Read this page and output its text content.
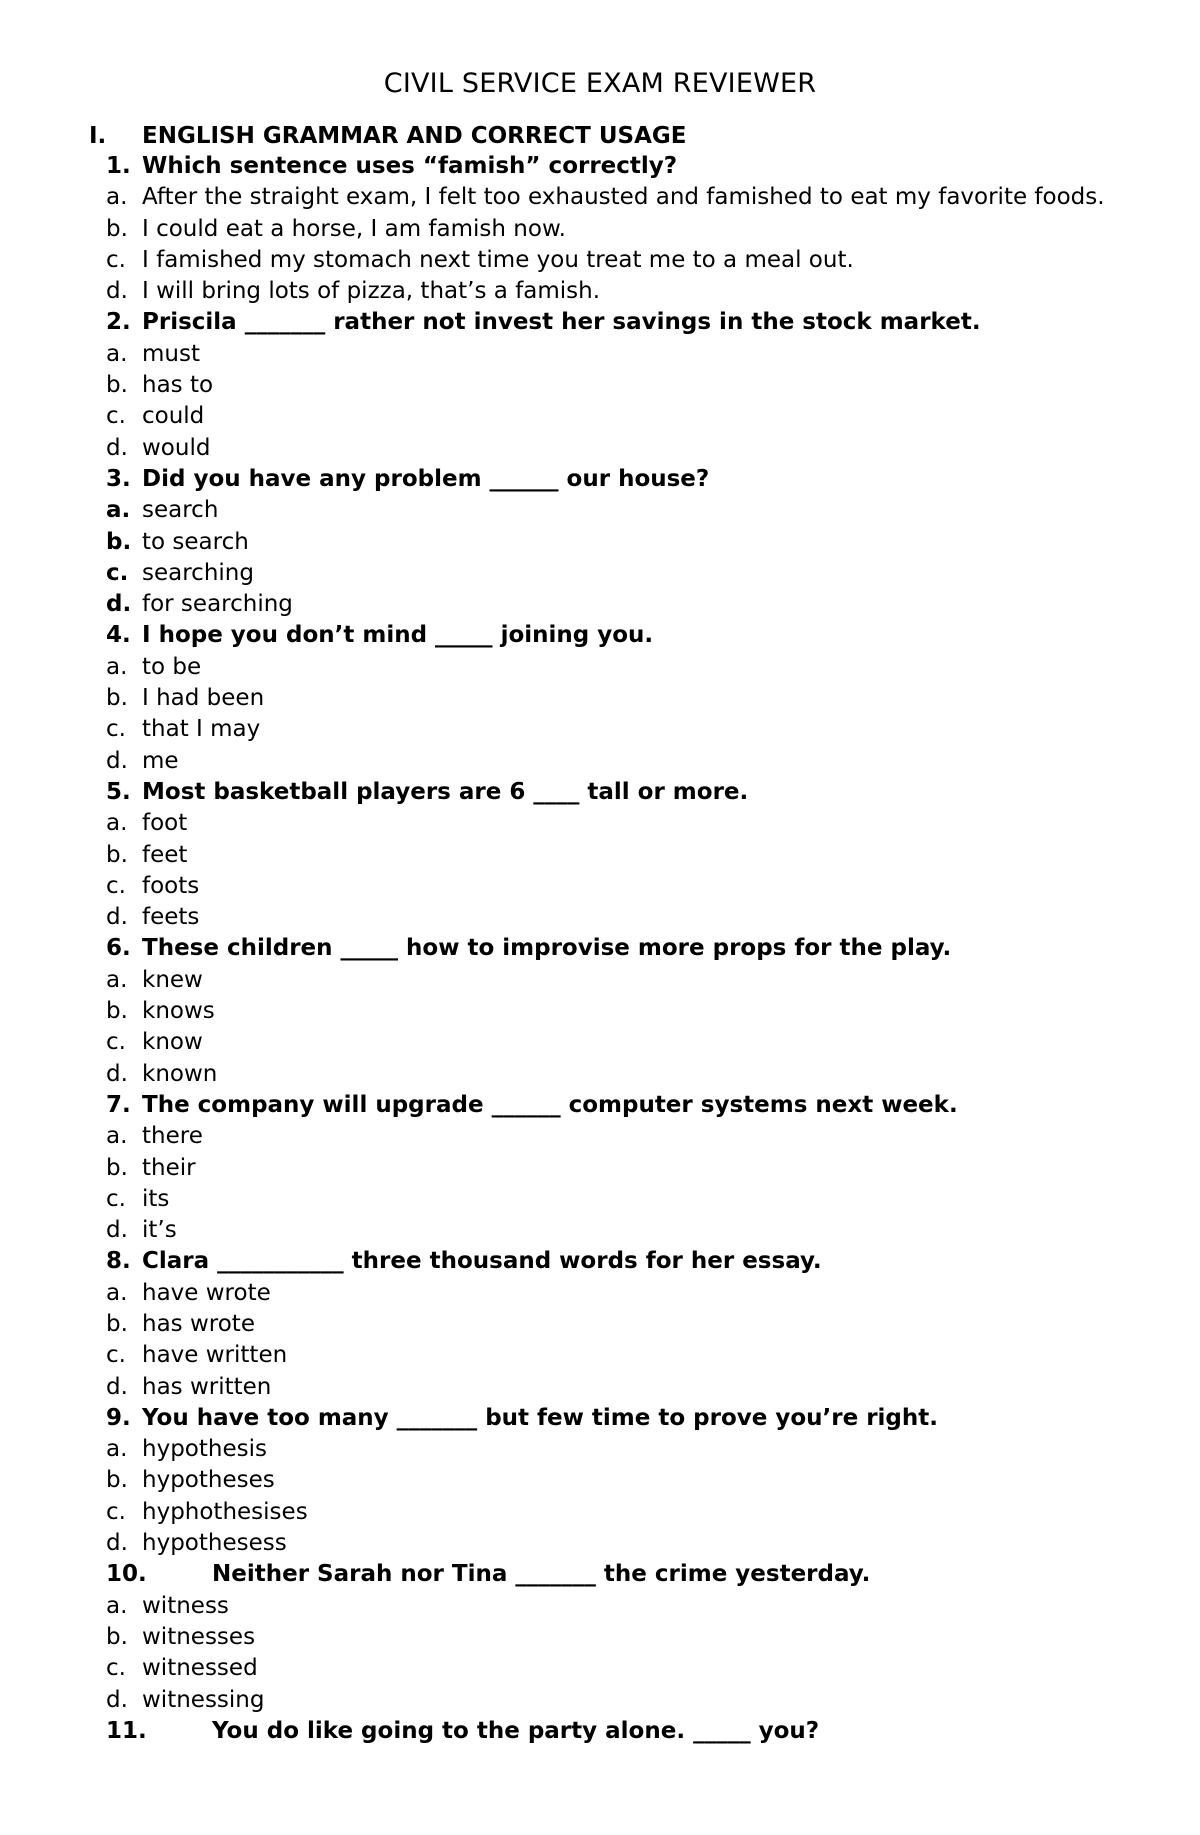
CIVIL SERVICE EXAM REVIEWER
I. ENGLISH GRAMMAR AND CORRECT USAGE
1. Which sentence uses “famish” correctly?
a. After the straight exam, I felt too exhausted and famished to eat my favorite foods.
b. I could eat a horse, I am famish now.
c. I famished my stomach next time you treat me to a meal out.
d. I will bring lots of pizza, that’s a famish.
2. Priscila _______ rather not invest her savings in the stock market.
a. must
b. has to
c. could
d. would
3. Did you have any problem ______ our house?
a. search
b. to search
c. searching
d. for searching
4. I hope you don’t mind _____ joining you.
a. to be
b. I had been
c. that I may
d. me
5. Most basketball players are 6 ____ tall or more.
a. foot
b. feet
c. foots
d. feets
6. These children _____ how to improvise more props for the play.
a. knew
b. knows
c. know
d. known
7. The company will upgrade ______ computer systems next week.
a. there
b. their
c. its
d. it’s
8. Clara ___________ three thousand words for her essay.
a. have wrote
b. has wrote
c. have written
d. has written
9. You have too many _______ but few time to prove you’re right.
a. hypothesis
b. hypotheses
c. hyphothesises
d. hypothesess
10.	Neither Sarah nor Tina _______ the crime yesterday.
a. witness
b. witnesses
c. witnessed
d. witnessing
11.	You do like going to the party alone. _____ you?
